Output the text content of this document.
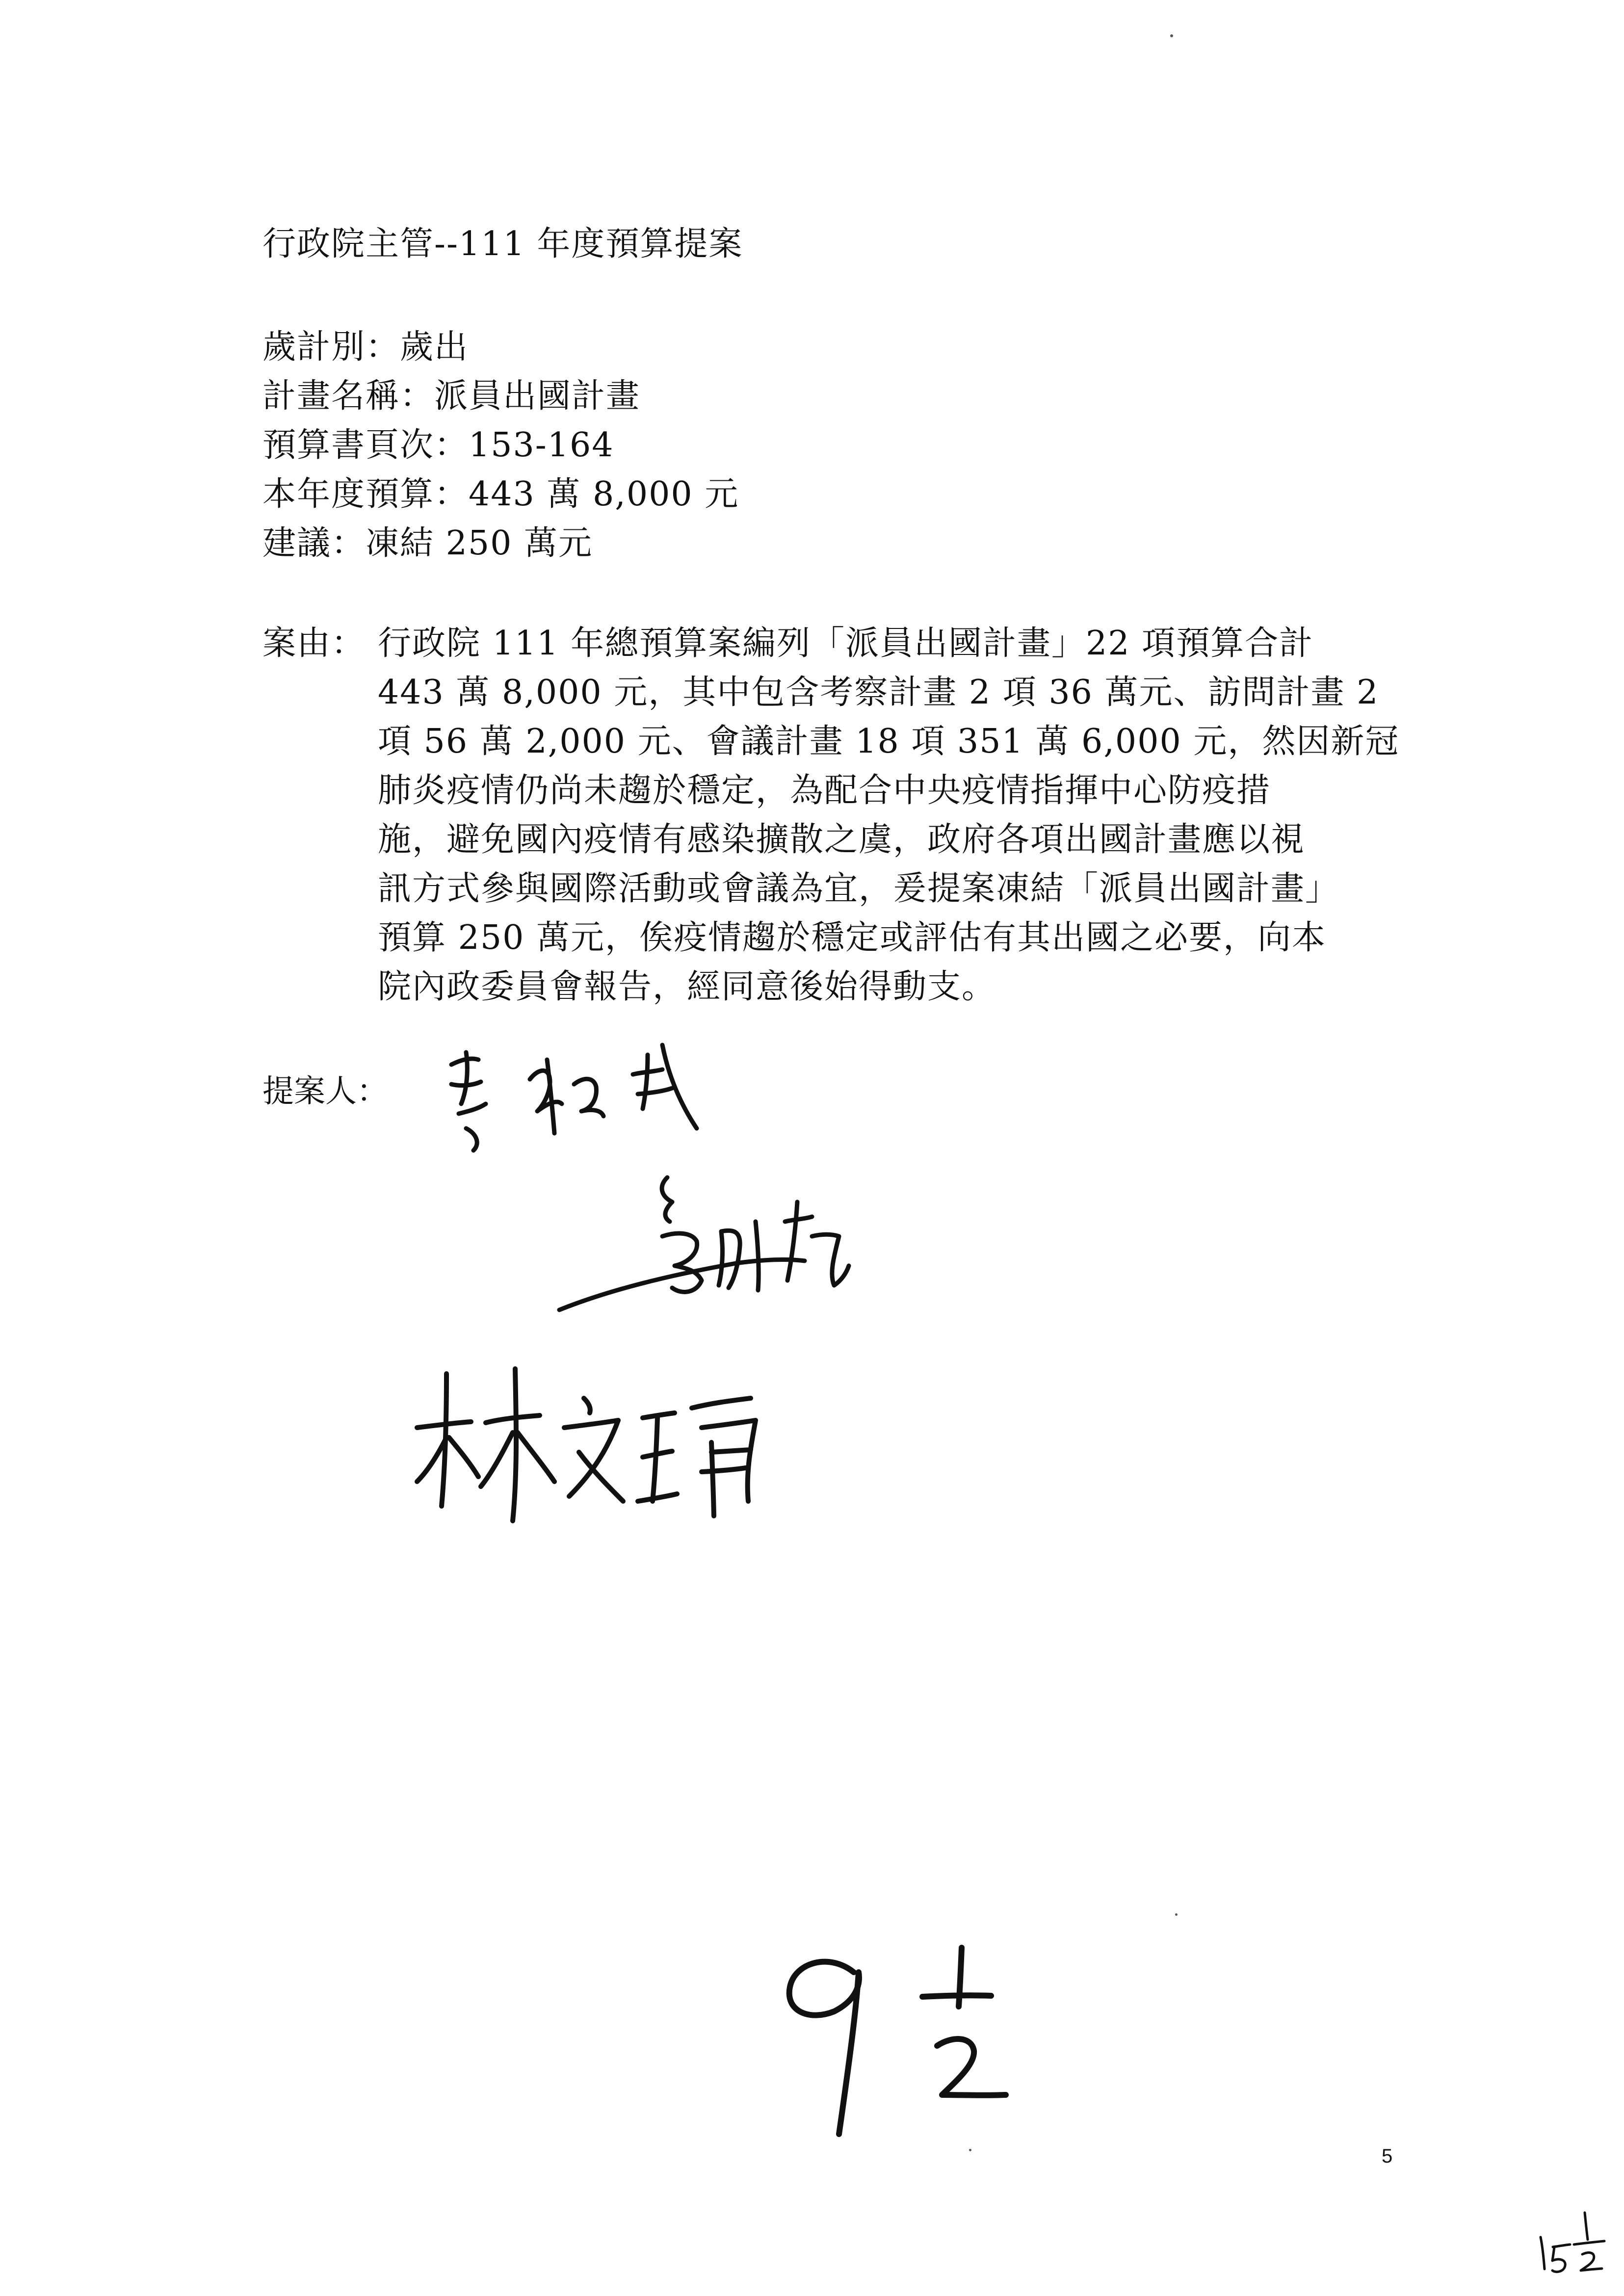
行政院主管--111 年度預算提案
歲計別：歲出
計畫名稱：派員出國計畫
預算書頁次：153-164
本年度預算：443 萬 8,000 元
建議：凍結 250 萬元
案由： 行政院 111 年總預算案編列「派員出國計畫」22 項預算合計
443 萬 8,000 元，其中包含考察計畫 2 項 36 萬元、訪問計畫 2
項 56 萬 2,000 元、會議計畫 18 項 351 萬 6,000 元，然因新冠
肺炎疫情仍尚未趨於穩定，為配合中央疫情指揮中心防疫措
施，避免國內疫情有感染擴散之虞，政府各項出國計畫應以視
訊方式參與國際活動或會議為宜，爰提案凍結「派員出國計畫」
預算 250 萬元，俟疫情趨於穩定或評估有其出國之必要，向本
院內政委員會報告，經同意後始得動支。
提案人：
5
